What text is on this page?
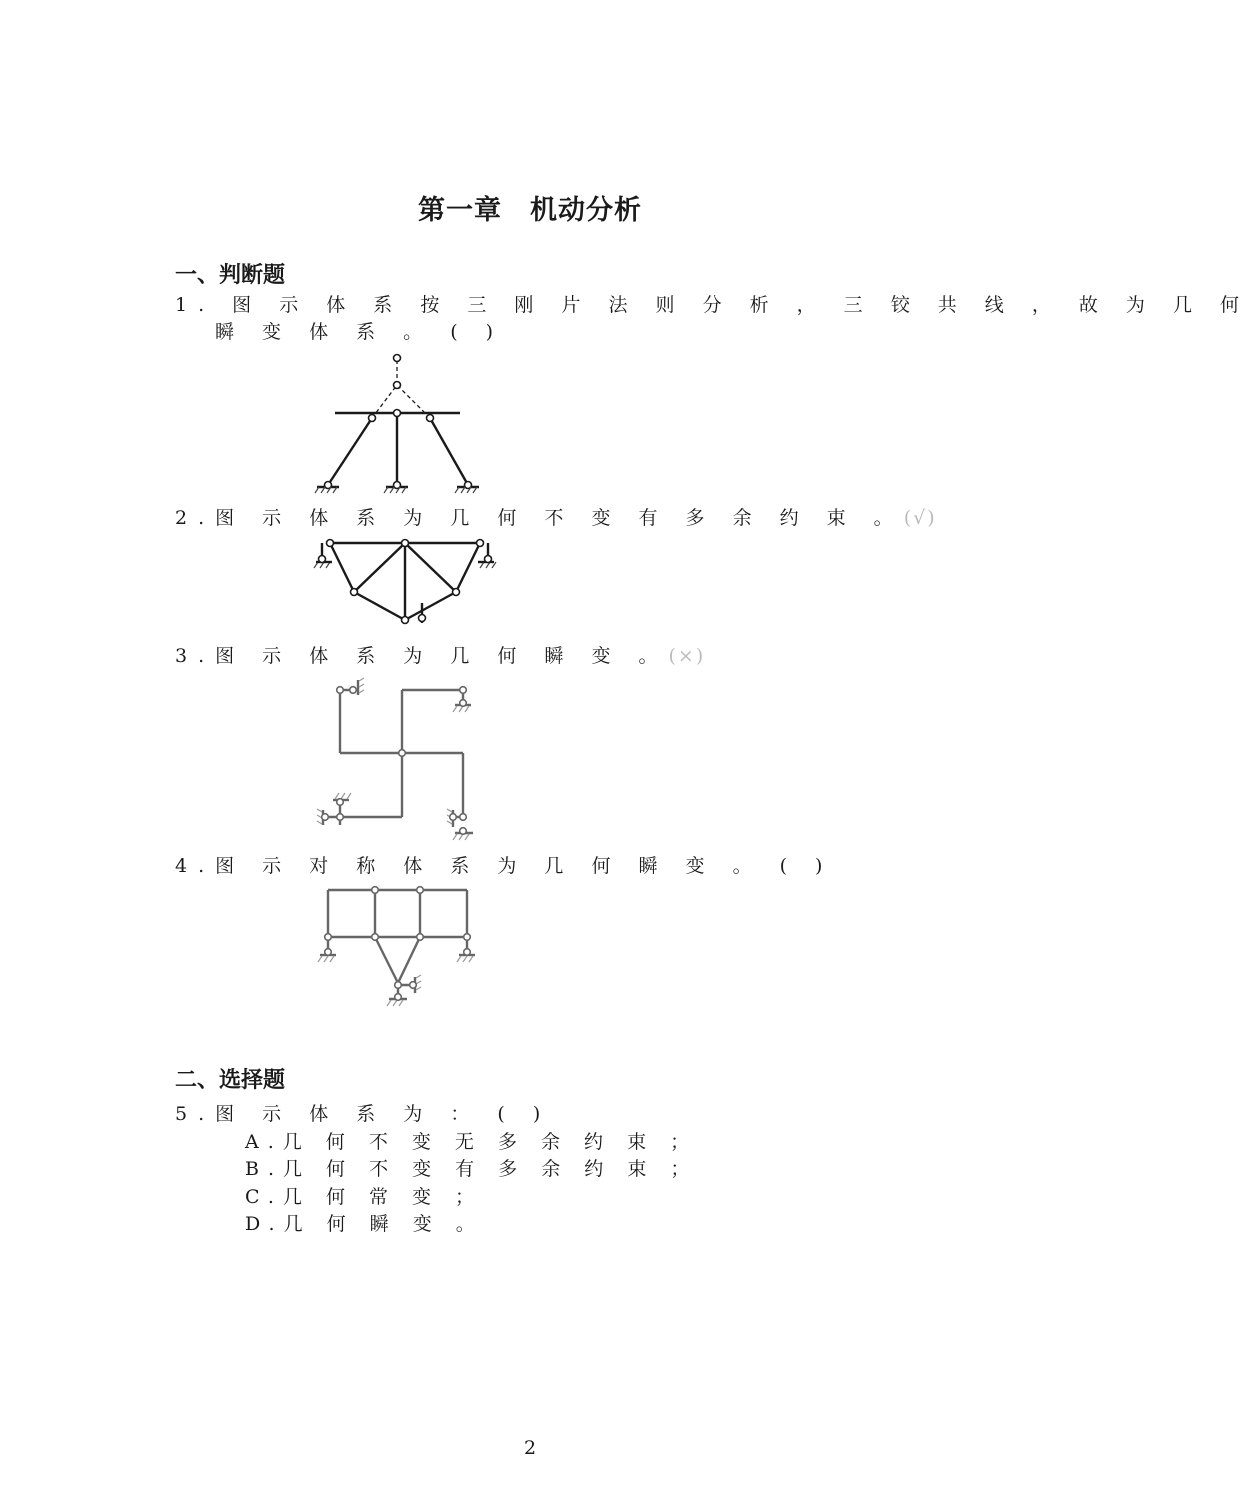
第一章　机动分析
一、判断题
1. 图 示 体 系 按 三 刚 片 法 则 分 析 ， 三 铰 共 线 ， 故 为 几 何
瞬 变 体 系 。 ( )
2.图 示 体 系 为 几 何 不 变 有 多 余 约 束 。(√)
3.图 示 体 系 为 几 何 瞬 变 。(×)
4.图 示 对 称 体 系 为 几 何 瞬 变 。 ( )
二、选择题
5.图 示 体 系 为 ： ( )
A.几 何 不 变 无 多 余 约 束 ；
B.几 何 不 变 有 多 余 约 束 ；
C.几 何 常 变 ；
D.几 何 瞬 变 。
2
